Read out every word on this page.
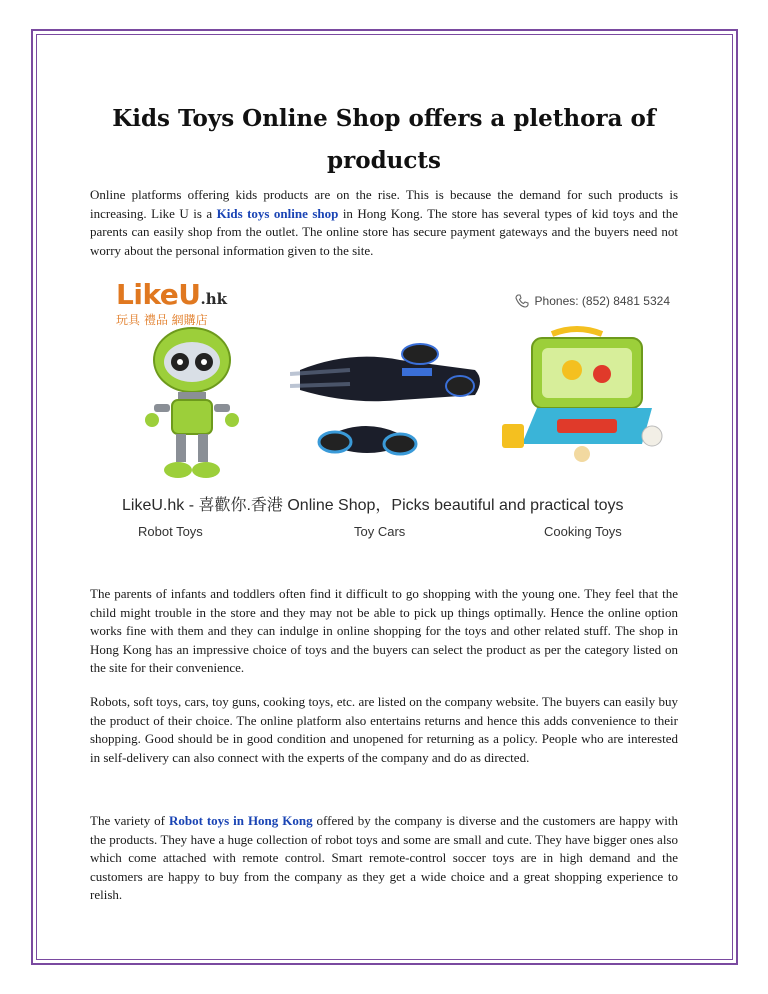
Kids Toys Online Shop offers a plethora of products

Online platforms offering kids products are on the rise. This is because the demand for such products is increasing. Like U is a Kids toys online shop in Hong Kong. The store has several types of kid toys and the parents can easily shop from the outlet. The online store has secure payment gateways and the buyers need not worry about the personal information given to the site.

LikeU.hk
玩具 禮品 網購店
Phones: (852) 8481 5324
LikeU.hk - 喜歡你.香港 Online Shop，Picks beautiful and practical toys
Robot Toys	Toy Cars	Cooking Toys

The parents of infants and toddlers often find it difficult to go shopping with the young one. They feel that the child might trouble in the store and they may not be able to pick up things optimally. Hence the online option works fine with them and they can indulge in online shopping for the toys and other related stuff. The shop in Hong Kong has an impressive choice of toys and the buyers can select the product as per the category listed on the site for their convenience.

Robots, soft toys, cars, toy guns, cooking toys, etc. are listed on the company website. The buyers can easily buy the product of their choice. The online platform also entertains returns and hence this adds convenience to their shopping. Good should be in good condition and unopened for returning as a policy. People who are interested in self-delivery can also connect with the experts of the company and do as directed.

The variety of Robot toys in Hong Kong offered by the company is diverse and the customers are happy with the products. They have a huge collection of robot toys and some are small and cute. They have bigger ones also which come attached with remote control. Smart remote-control soccer toys are in high demand and the customers are happy to buy from the company as they get a wide choice and a great shopping experience to relish.
